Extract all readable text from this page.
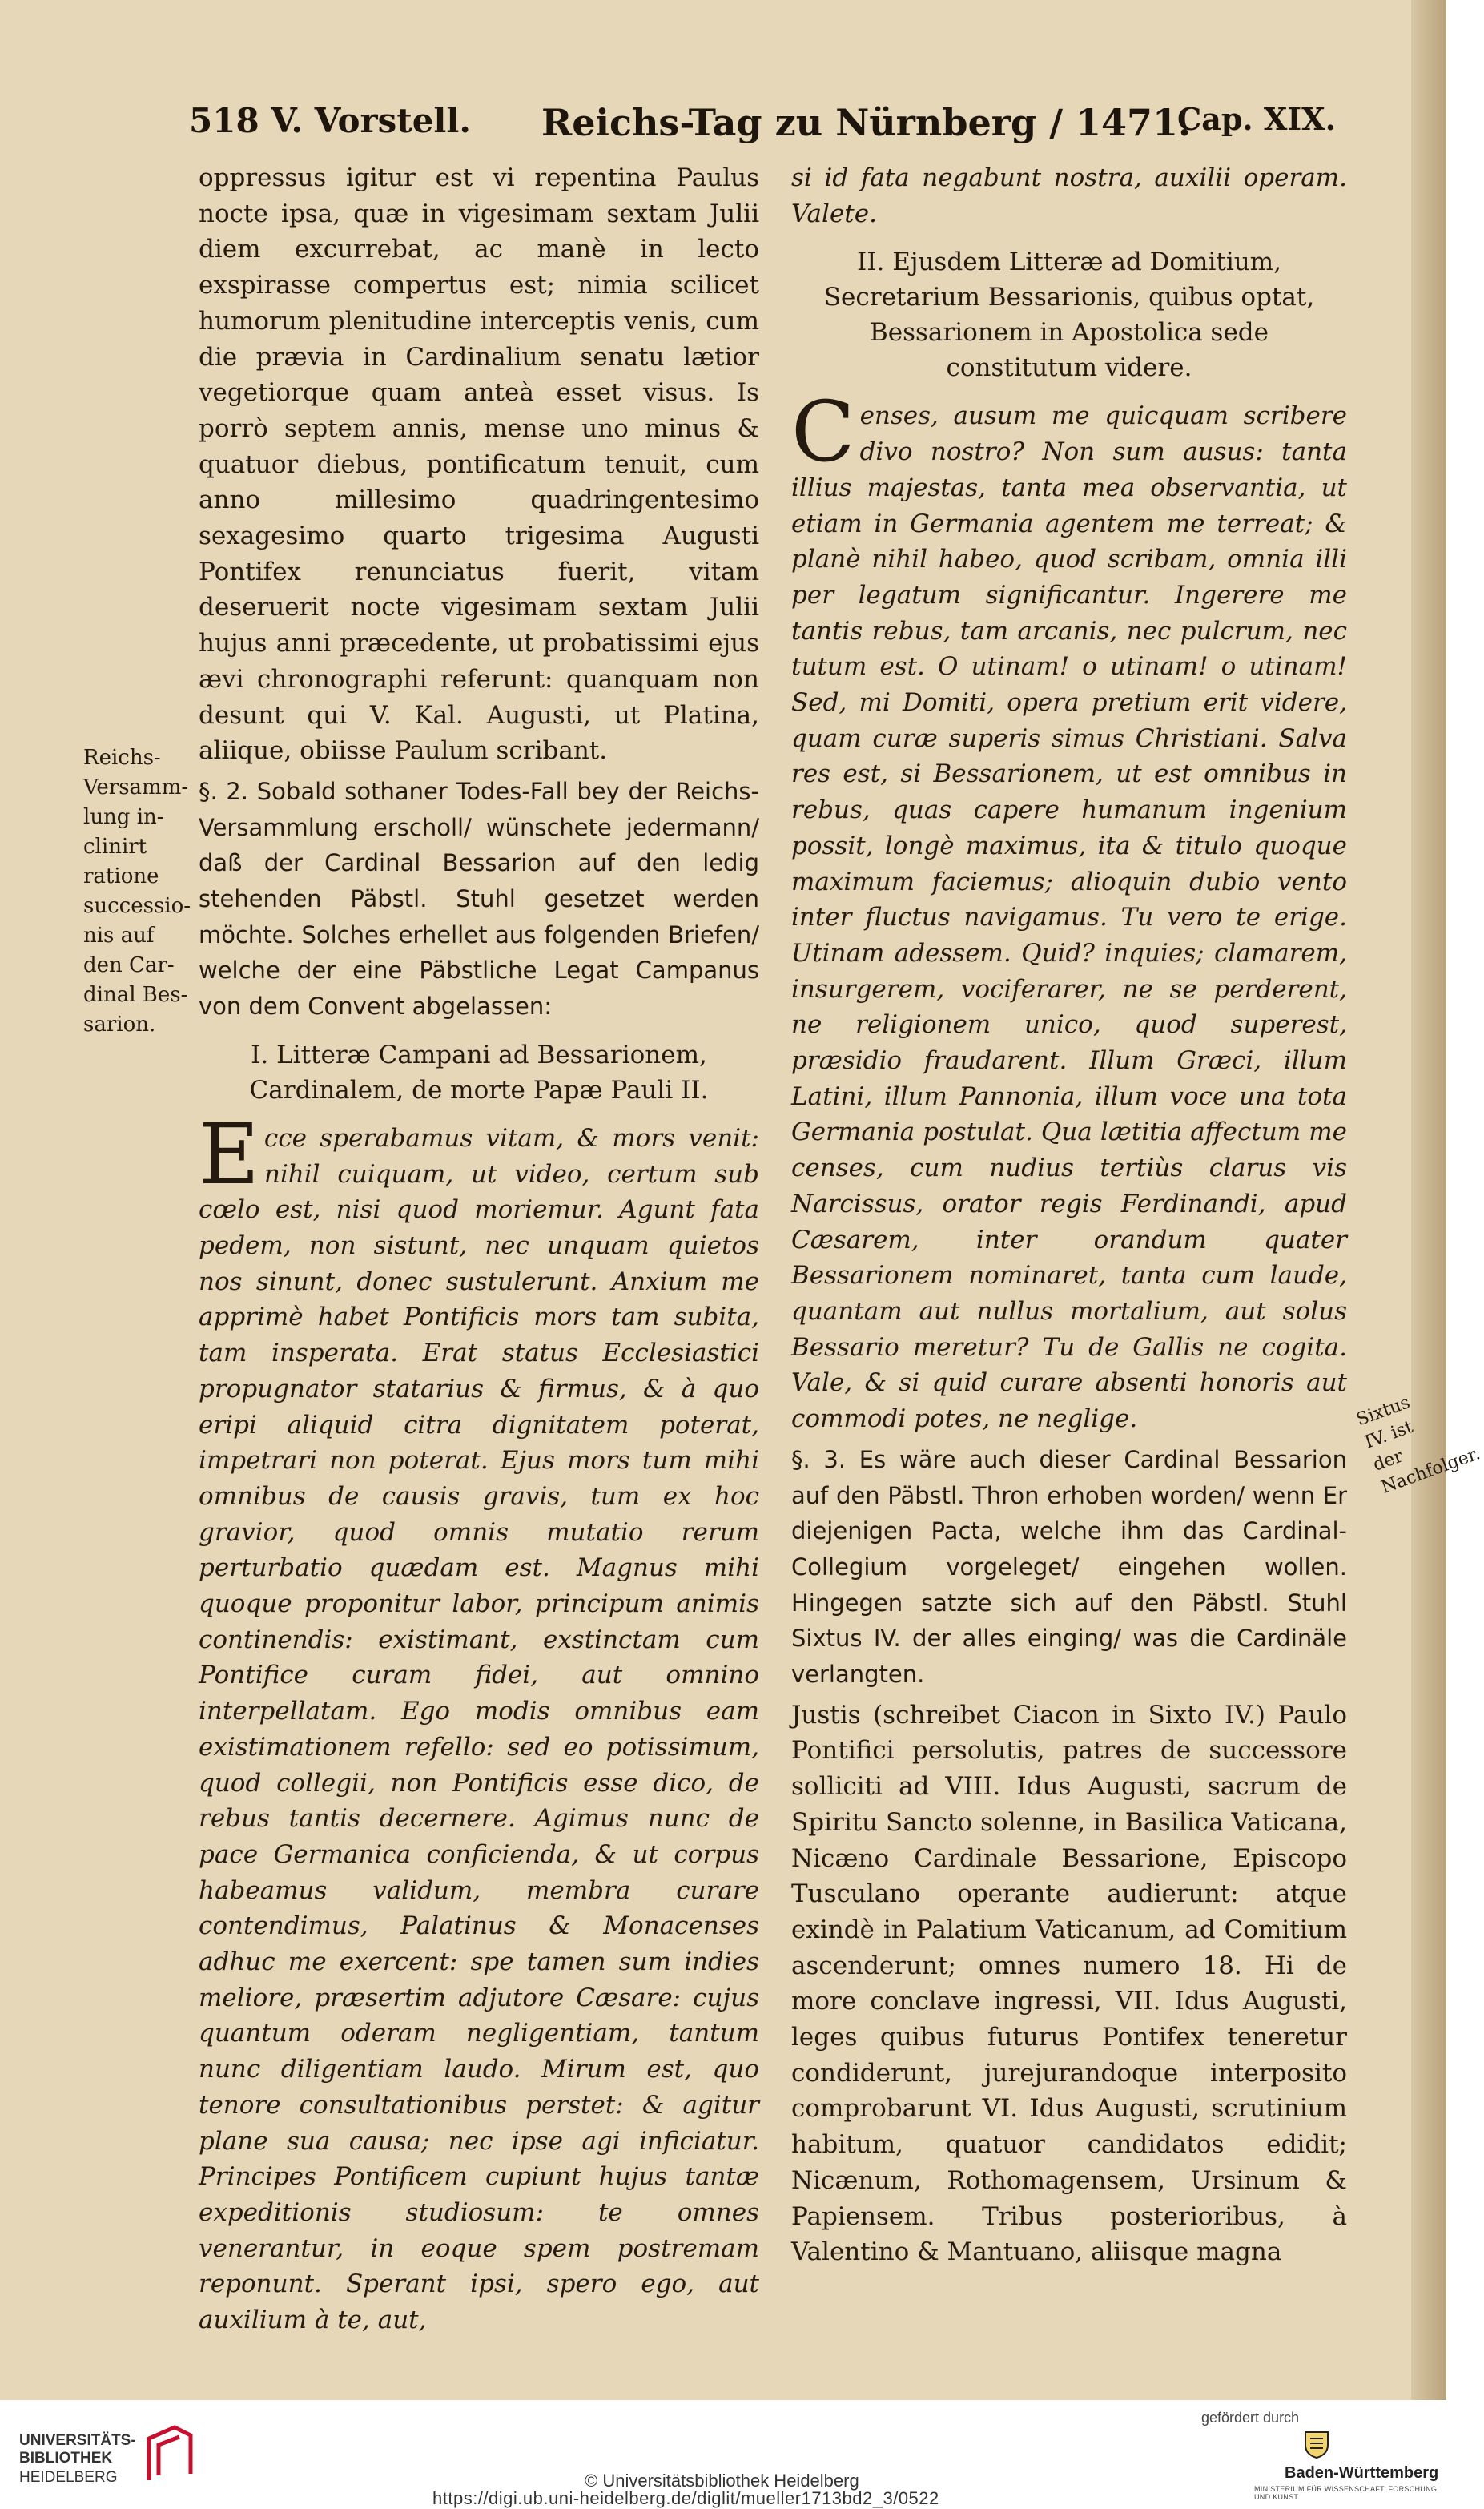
518 V. Vorstell. Reichs-Tag zu Nürnberg / 1471.
Cap. XIX.
Reichs-Versamm-lung in-
clinirt
ratione
successio-
nis auf
den Car-
dinal Bes-
sarion.

oppressus igitur est vi repentina Paulus nocte ipsa, quæ in vigesimam sextam Julii diem excurrebat, ac manè in lecto exspirasse compertus est; nimia scilicet humorum plenitudine interceptis venis, cum die prævia in Cardinalium senatu lætior vegetiorque quam anteà esset visus. Is porrò septem annis, mense uno minus & quatuor diebus, pontificatum tenuit, cum anno millesimo quadringentesimo sexagesimo quarto trigesima Augusti Pontifex renunciatus fuerit, vitam deseruerit nocte vigesimam sextam Julii hujus anni præcedente, ut probatissimi ejus ævi chronographi referunt: quanquam non desunt qui V. Kal. Augusti, ut Platina, aliique, obiisse Paulum scribant.

§. 2. Sobald sothaner Todes-Fall bey der Reichs-Versammlung erscholl/ wünschete jedermann/ daß der Cardinal Bessarion auf den ledig stehenden Päbstl. Stuhl gesetzet werden möchte. Solches erhellet aus folgenden Briefen/ welche der eine Päbstliche Legat Campanus von dem Convent abgelassen:

I. Litteræ Campani ad Bessarionem, Cardinalem, de morte Papæ Pauli II.

Ecce sperabamus vitam, & mors venit: nihil cuiquam, ut video, certum sub cœlo est, nisi quod moriemur. Agunt fata pedem, non sistunt, nec unquam quietos nos sinunt, donec sustulerunt. Anxium me apprimè habet Pontificis mors tam subita, tam insperata. Erat status Ecclesiastici propugnator statarius & firmus, & à quo eripi aliquid citra dignitatem poterat, impetrari non poterat. Ejus mors tum mihi omnibus de causis gravis, tum ex hoc gravior, quod omnis mutatio rerum perturbatio quædam est. Magnus mihi quoque proponitur labor, principum animis continendis: existimant, exstinctam cum Pontifice curam fidei, aut omnino interpellatam. Ego modis omnibus eam existimationem refello: sed eo potissimum, quod collegii, non Pontificis esse dico, de rebus tantis decernere. Agimus nunc de pace Germanica conficienda, & ut corpus habeamus validum, membra curare contendimus, Palatinus & Monacenses adhuc me exercent: spe tamen sum indies meliore, præsertim adjutore Cæsare: cujus quantum oderam negligentiam, tantum nunc diligentiam laudo. Mirum est, quo tenore consultationibus perstet: & agitur plane sua causa; nec ipse agi inficiatur. Principes Pontificem cupiunt hujus tantæ expeditionis studiosum: te omnes venerantur, in eoque spem postremam reponunt. Sperant ipsi, spero ego, aut auxilium à te, aut,

si id fata negabunt nostra, auxilii operam. Valete.

II. Ejusdem Litteræ ad Domitium, Secretarium Bessarionis, quibus optat, Bessarionem in Apostolica sede constitutum videre.

Censes, ausum me quicquam scribere divo nostro? Non sum ausus: tanta illius majestas, tanta mea observantia, ut etiam in Germania agentem me terreat; & planè nihil habeo, quod scribam, omnia illi per legatum significantur. Ingerere me tantis rebus, tam arcanis, nec pulcrum, nec tutum est. O utinam! o utinam! o utinam! Sed, mi Domiti, opera pretium erit videre, quam curæ superis simus Christiani. Salva res est, si Bessarionem, ut est omnibus in rebus, quas capere humanum ingenium possit, longè maximus, ita & titulo quoque maximum faciemus; alioquin dubio vento inter fluctus navigamus. Tu vero te erige. Utinam adessem. Quid? inquies; clamarem, insurgerem, vociferarer, ne se perderent, ne religionem unico, quod superest, præsidio fraudarent. Illum Græci, illum Latini, illum Pannonia, illum voce una tota Germania postulat. Qua lætitia affectum me censes, cum nudius tertiùs clarus vis Narcissus, orator regis Ferdinandi, apud Cæsarem, inter orandum quater Bessarionem nominaret, tanta cum laude, quantam aut nullus mortalium, aut solus Bessario meretur? Tu de Gallis ne cogita. Vale, & si quid curare absenti honoris aut commodi potes, ne neglige.

§. 3. Es wäre auch dieser Cardinal Bessarion auf den Päbstl. Thron erhoben worden/ wenn Er diejenigen Pacta, welche ihm das Cardinal-Collegium vorgeleget/ eingehen wollen. Hingegen satzte sich auf den Päbstl. Stuhl Sixtus IV. der alles einging/ was die Cardinäle verlangten.

Justis (schreibet Ciacon in Sixto IV.) Paulo Pontifici persolutis, patres de successore solliciti ad VIII. Idus Augusti, sacrum de Spiritu Sancto solenne, in Basilica Vaticana, Nicæno Cardinale Bessarione, Episcopo Tusculano operante audierunt: atque exindè in Palatium Vaticanum, ad Comitium ascenderunt; omnes numero 18. Hi de more conclave ingressi, VII. Idus Augusti, leges quibus futurus Pontifex teneretur condiderunt, jurejurandoque interposito comprobarunt VI. Idus Augusti, scrutinium habitum, quatuor candidatos edidit; Nicænum, Rothomagensem, Ursinum & Papiensem. Tribus posterioribus, à Valentino & Mantuano, aliisque magna

Sixtus IV. ist der Nachfolger.
UNIVERSITÄTS-
BIBLIOTHEK
HEIDELBERG	© Universitätsbibliothek Heidelberg
https://digi.ub.uni-heidelberg.de/diglit/mueller1713bd2_3/0522
gefördert durch
Baden-Württemberg
MINISTERIUM FÜR WISSENSCHAFT, FORSCHUNG UND KUNST
